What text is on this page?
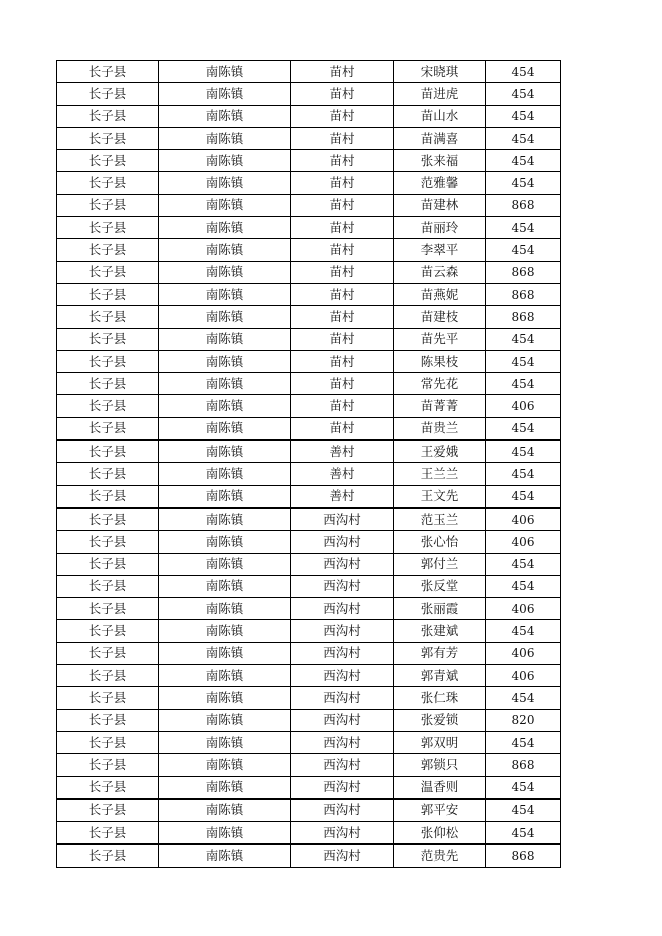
长子县	南陈镇	苗村	宋晓琪	454
长子县	南陈镇	苗村	苗进虎	454
长子县	南陈镇	苗村	苗山水	454
长子县	南陈镇	苗村	苗满喜	454
长子县	南陈镇	苗村	张来福	454
长子县	南陈镇	苗村	范雅馨	454
长子县	南陈镇	苗村	苗建林	868
长子县	南陈镇	苗村	苗丽玲	454
长子县	南陈镇	苗村	李翠平	454
长子县	南陈镇	苗村	苗云森	868
长子县	南陈镇	苗村	苗燕妮	868
长子县	南陈镇	苗村	苗建枝	868
长子县	南陈镇	苗村	苗先平	454
长子县	南陈镇	苗村	陈果枝	454
长子县	南陈镇	苗村	常先花	454
长子县	南陈镇	苗村	苗菁菁	406
长子县	南陈镇	苗村	苗贵兰	454
长子县	南陈镇	善村	王爱娥	454
长子县	南陈镇	善村	王兰兰	454
长子县	南陈镇	善村	王文先	454
长子县	南陈镇	西沟村	范玉兰	406
长子县	南陈镇	西沟村	张心怡	406
长子县	南陈镇	西沟村	郭付兰	454
长子县	南陈镇	西沟村	张反堂	454
长子县	南陈镇	西沟村	张丽霞	406
长子县	南陈镇	西沟村	张建斌	454
长子县	南陈镇	西沟村	郭有芳	406
长子县	南陈镇	西沟村	郭青斌	406
长子县	南陈镇	西沟村	张仁珠	454
长子县	南陈镇	西沟村	张爱锁	820
长子县	南陈镇	西沟村	郭双明	454
长子县	南陈镇	西沟村	郭锁只	868
长子县	南陈镇	西沟村	温香则	454
长子县	南陈镇	西沟村	郭平安	454
长子县	南陈镇	西沟村	张仰松	454
长子县	南陈镇	西沟村	范贵先	868
